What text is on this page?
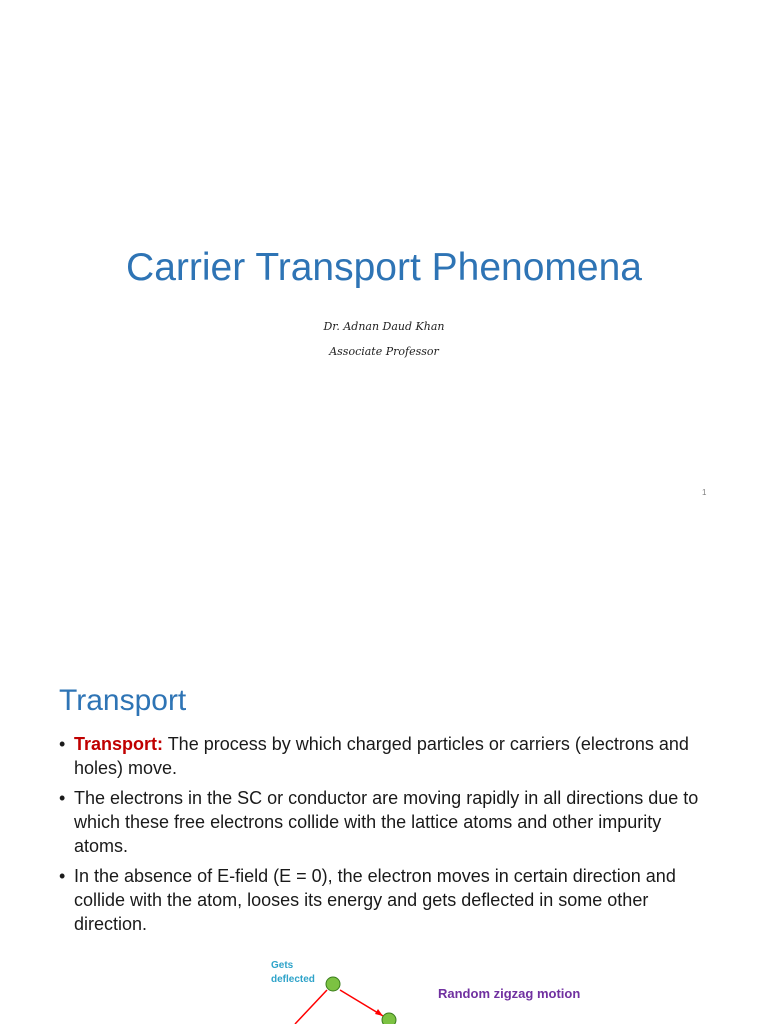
Carrier Transport Phenomena
Dr. Adnan Daud Khan
Associate Professor
1
Transport
• Transport: The process by which charged particles or carriers (electrons and holes) move.
• The electrons in the SC or conductor are moving rapidly in all directions due to which these free electrons collide with the lattice atoms and other impurity atoms.
• In the absence of E-field (E = 0), the electron moves in certain direction and collide with the atom, looses its energy and gets deflected in some other direction.
Gets
deflected
Random zigzag motion
